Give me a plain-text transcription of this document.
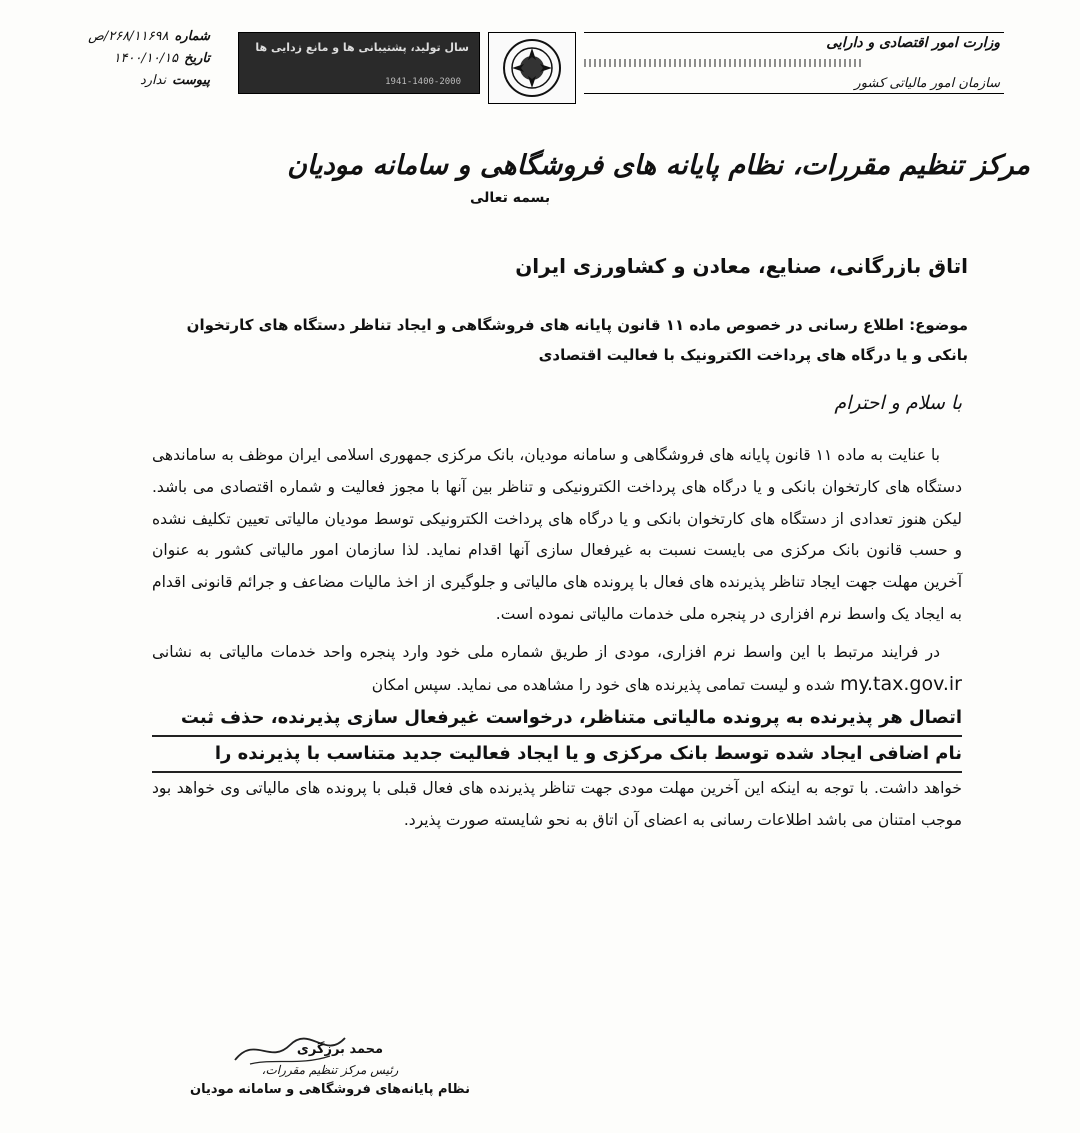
شماره
۲۶۸/۱۱۶۹۸/ص
تاریخ
۱۴۰۰/۱۰/۱۵
پیوست
ندارد
سال تولید، پشتیبانی ها و مانع زدایی ها
1941-1400-2000
وزارت امور اقتصادی و دارایی
سازمان امور مالیاتی کشور
مرکز تنظیم مقررات، نظام پایانه های فروشگاهی و سامانه مودیان
بسمه تعالی
اتاق بازرگانی، صنایع، معادن و کشاورزی ایران
موضوع: اطلاع رسانی در خصوص ماده ۱۱ قانون پایانه های فروشگاهی و ایجاد تناظر دستگاه های کارتخوان بانکی و یا درگاه های پرداخت الکترونیک با فعالیت اقتصادی
با سلام و احترام

با عنایت به ماده ۱۱ قانون پایانه های فروشگاهی و سامانه مودیان، بانک مرکزی جمهوری اسلامی ایران موظف به ساماندهی دستگاه های کارتخوان بانکی و یا درگاه های پرداخت الکترونیکی و تناظر بین آنها با مجوز فعالیت و شماره اقتصادی می باشد. لیکن هنوز تعدادی از دستگاه های کارتخوان بانکی و یا درگاه های پرداخت الکترونیکی توسط مودیان مالیاتی تعیین تکلیف نشده و حسب قانون بانک مرکزی می بایست نسبت به غیرفعال سازی آنها اقدام نماید. لذا سازمان امور مالیاتی کشور به عنوان آخرین مهلت جهت ایجاد تناظر پذیرنده های فعال با پرونده های مالیاتی و جلوگیری از اخذ مالیات مضاعف و جرائم قانونی اقدام به ایجاد یک واسط نرم افزاری در پنجره ملی خدمات مالیاتی نموده است.

در فرایند مرتبط با این واسط نرم افزاری، مودی از طریق شماره ملی خود وارد پنجره واحد خدمات مالیاتی به نشانی my.tax.gov.ir شده و لیست تمامی پذیرنده های خود را مشاهده می نماید. سپس امکان
اتصال هر پذیرنده به پرونده مالیاتی متناظر، درخواست غیرفعال سازی پذیرنده، حذف ثبت
نام اضافی ایجاد شده توسط بانک مرکزی و یا ایجاد فعالیت جدید متناسب با پذیرنده را
خواهد داشت. با توجه به اینکه این آخرین مهلت مودی جهت تناظر پذیرنده های فعال قبلی با پرونده های مالیاتی وی خواهد بود موجب امتنان می باشد اطلاعات رسانی به اعضای آن اتاق به نحو شایسته صورت پذیرد.

محمد برزگری
رئیس مرکز تنظیم مقررات،
نظام پایانه‌های فروشگاهی و سامانه مودیان
